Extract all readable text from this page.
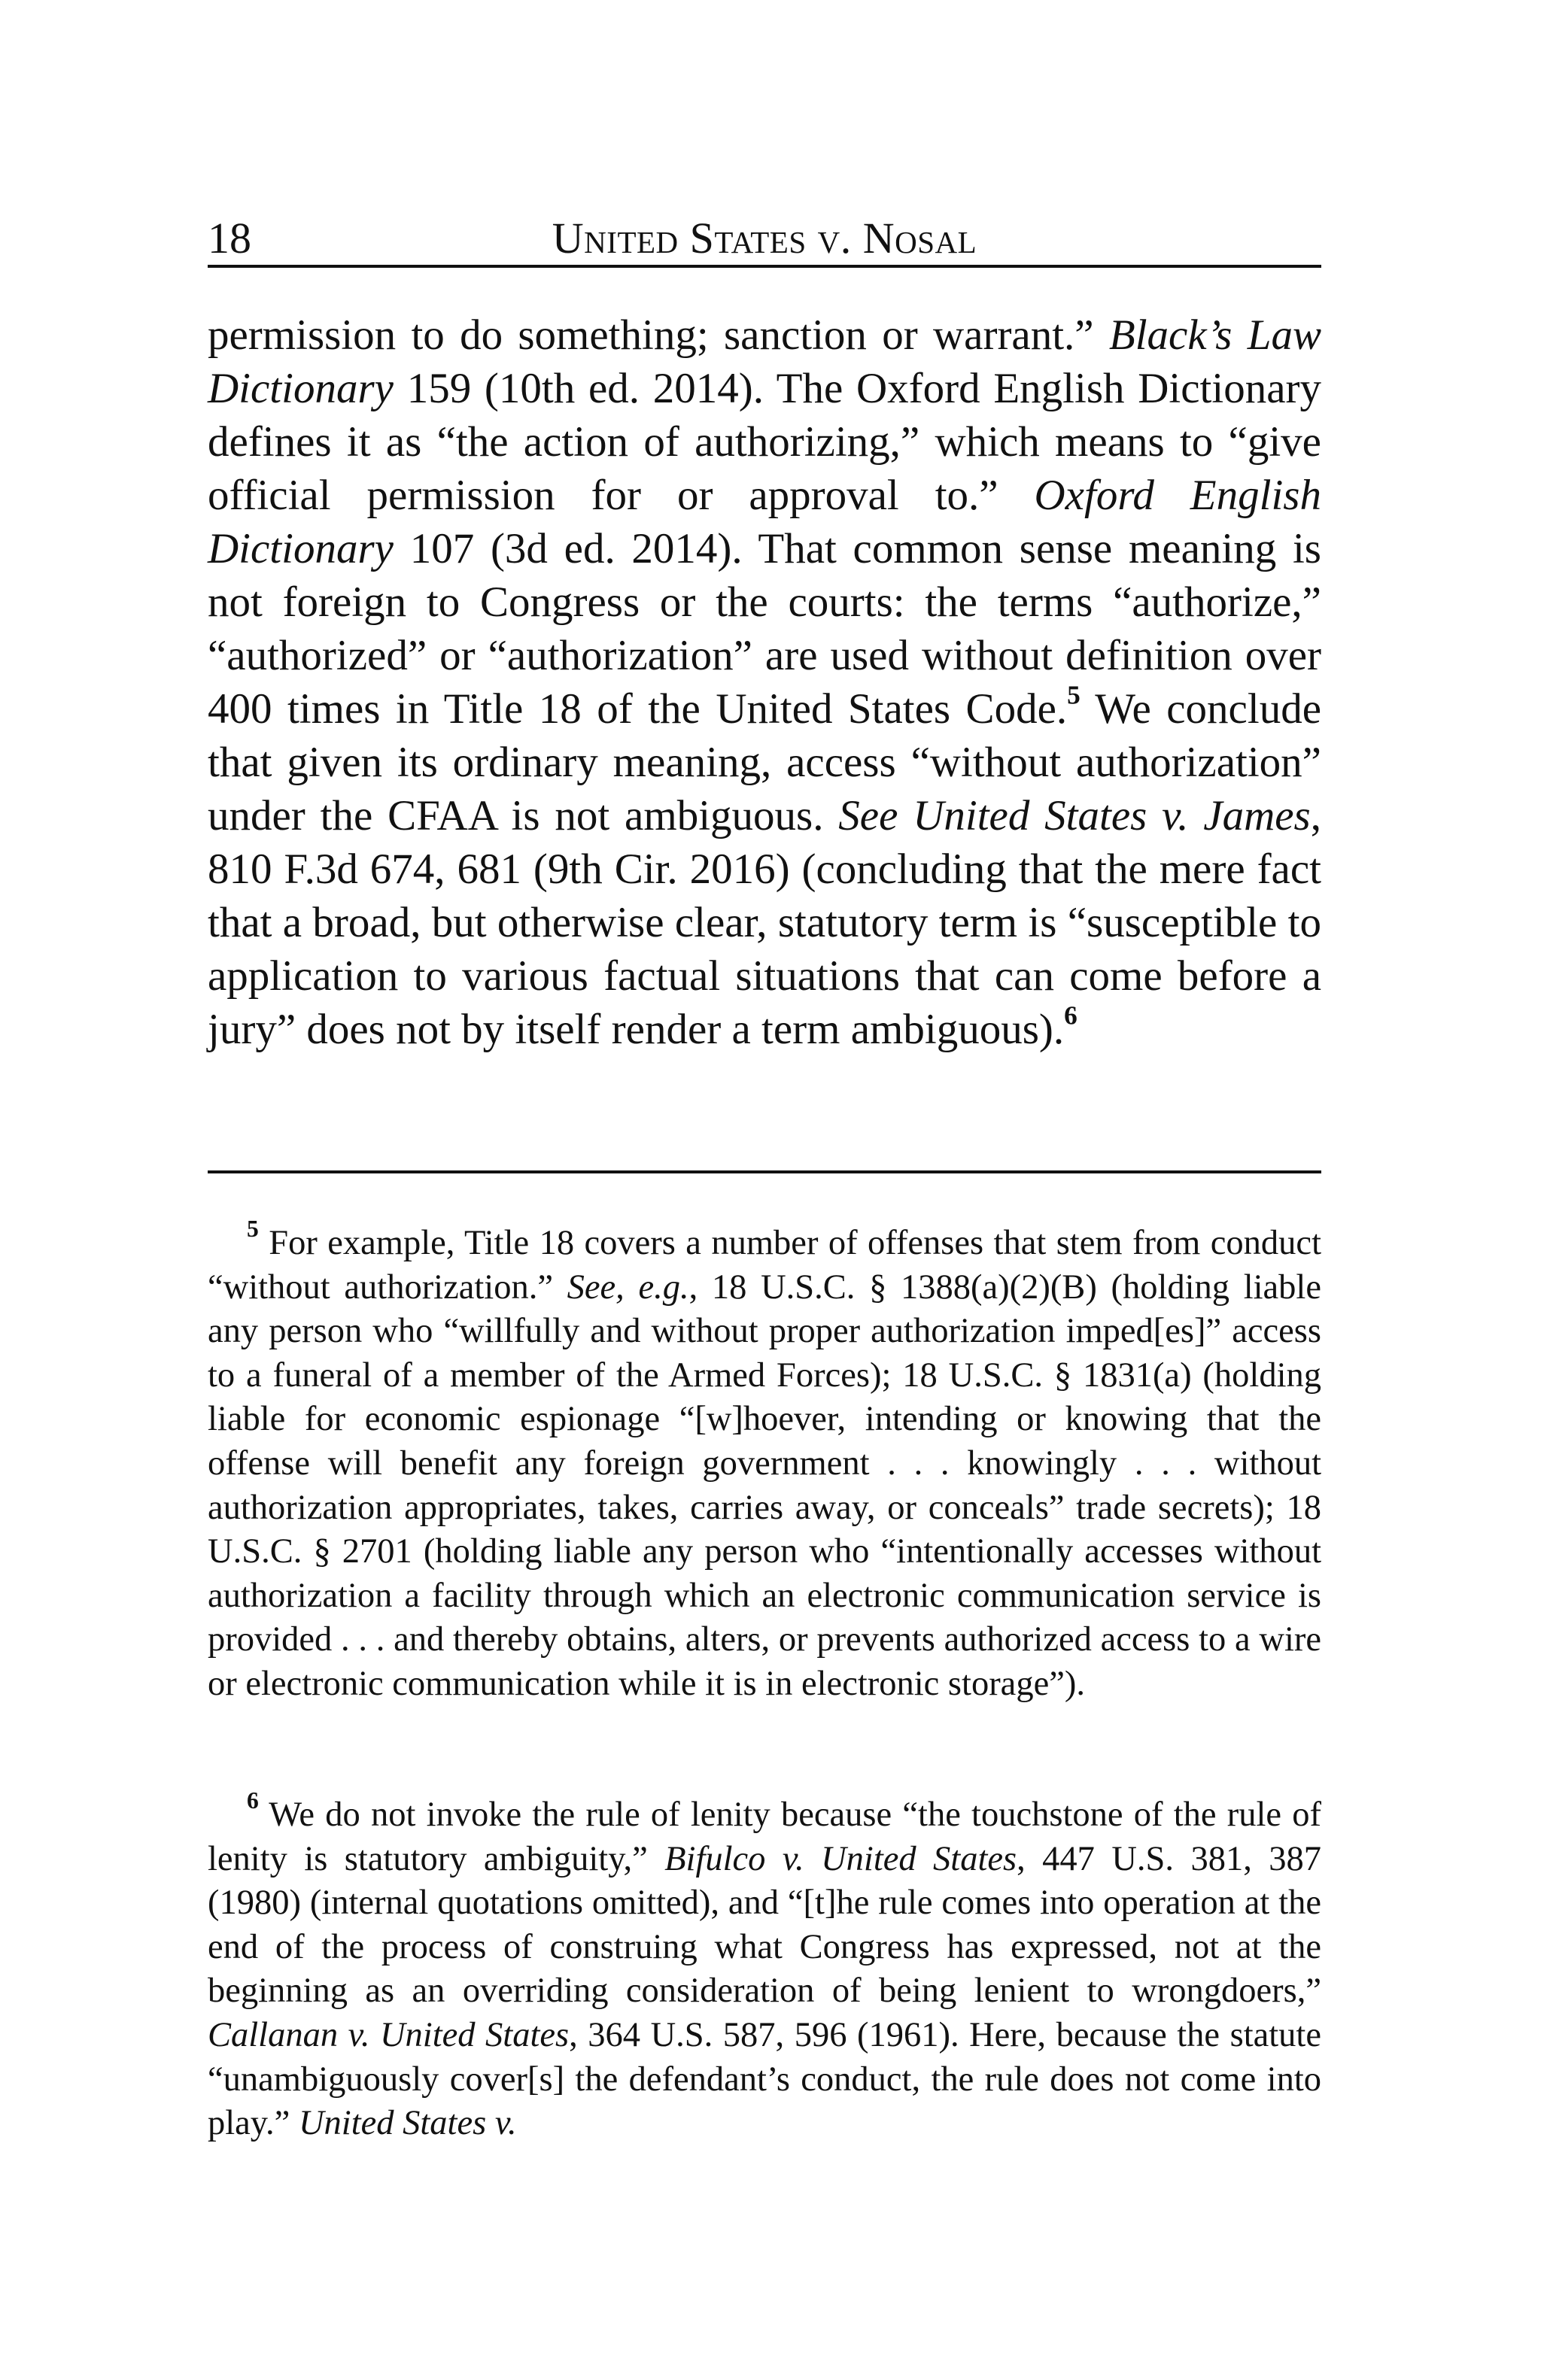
18	United States v. Nosal

permission to do something; sanction or warrant.” Black’s Law Dictionary 159 (10th ed. 2014). The Oxford English Dictionary defines it as “the action of authorizing,” which means to “give official permission for or approval to.” Oxford English Dictionary 107 (3d ed. 2014). That common sense meaning is not foreign to Congress or the courts: the terms “authorize,” “authorized” or “authorization” are used without definition over 400 times in Title 18 of the United States Code.$^5$ We conclude that given its ordinary meaning, access “without authorization” under the CFAA is not ambiguous. See United States v. James, 810 F.3d 674, 681 (9th Cir. 2016) (concluding that the mere fact that a broad, but otherwise clear, statutory term is “susceptible to application to various factual situations that can come before a jury” does not by itself render a term ambiguous).$^6$

$^5$ For example, Title 18 covers a number of offenses that stem from conduct “without authorization.” See, e.g., 18 U.S.C. § 1388(a)(2)(B) (holding liable any person who “willfully and without proper authorization imped[es]” access to a funeral of a member of the Armed Forces); 18 U.S.C. § 1831(a) (holding liable for economic espionage “[w]hoever, intending or knowing that the offense will benefit any foreign government . . . knowingly . . . without authorization appropriates, takes, carries away, or conceals” trade secrets); 18 U.S.C. § 2701 (holding liable any person who “intentionally accesses without authorization a facility through which an electronic communication service is provided . . . and thereby obtains, alters, or prevents authorized access to a wire or electronic communication while it is in electronic storage”).

$^6$ We do not invoke the rule of lenity because “the touchstone of the rule of lenity is statutory ambiguity,” Bifulco v. United States, 447 U.S. 381, 387 (1980) (internal quotations omitted), and “[t]he rule comes into operation at the end of the process of construing what Congress has expressed, not at the beginning as an overriding consideration of being lenient to wrongdoers,” Callanan v. United States, 364 U.S. 587, 596 (1961). Here, because the statute “unambiguously cover[s] the defendant’s conduct, the rule does not come into play.” United States v.
